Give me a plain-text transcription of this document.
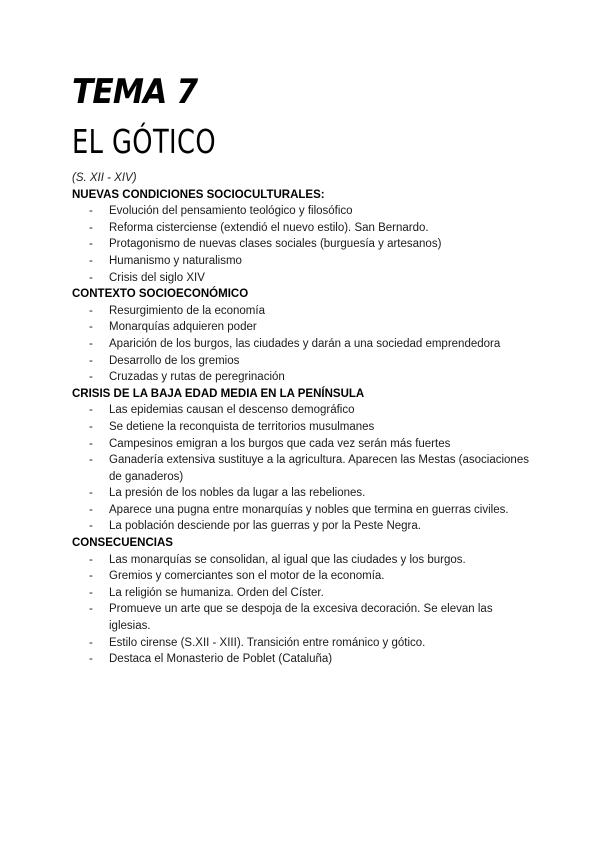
TEMA 7
EL GÓTICO

(S. XII - XIV)

NUEVAS CONDICIONES SOCIOCULTURALES:

- Evolución del pensamiento teológico y filosófico
- Reforma cisterciense (extendió el nuevo estilo). San Bernardo.
- Protagonismo de nuevas clases sociales (burguesía y artesanos)
- Humanismo y naturalismo
- Crisis del siglo XIV

CONTEXTO SOCIOECONÓMICO

- Resurgimiento de la economía
- Monarquías adquieren poder
- Aparición de los burgos, las ciudades y darán a una sociedad emprendedora
- Desarrollo de los gremios
- Cruzadas y rutas de peregrinación

CRISIS DE LA BAJA EDAD MEDIA EN LA PENÍNSULA

- Las epidemias causan el descenso demográfico
- Se detiene la reconquista de territorios musulmanes
- Campesinos emigran a los burgos que cada vez serán más fuertes
- Ganadería extensiva sustituye a la agricultura. Aparecen las Mestas (asociaciones de ganaderos)
- La presión de los nobles da lugar a las rebeliones.
- Aparece una pugna entre monarquías y nobles que termina en guerras civiles.
- La población desciende por las guerras y por la Peste Negra.

CONSECUENCIAS

- Las monarquías se consolidan, al igual que las ciudades y los burgos.
- Gremios y comerciantes son el motor de la economía.
- La religión se humaniza. Orden del Císter.
- Promueve un arte que se despoja de la excesiva decoración. Se elevan las iglesias.
- Estilo cirense (S.XII - XIII). Transición entre románico y gótico.
- Destaca el Monasterio de Poblet (Cataluña)
